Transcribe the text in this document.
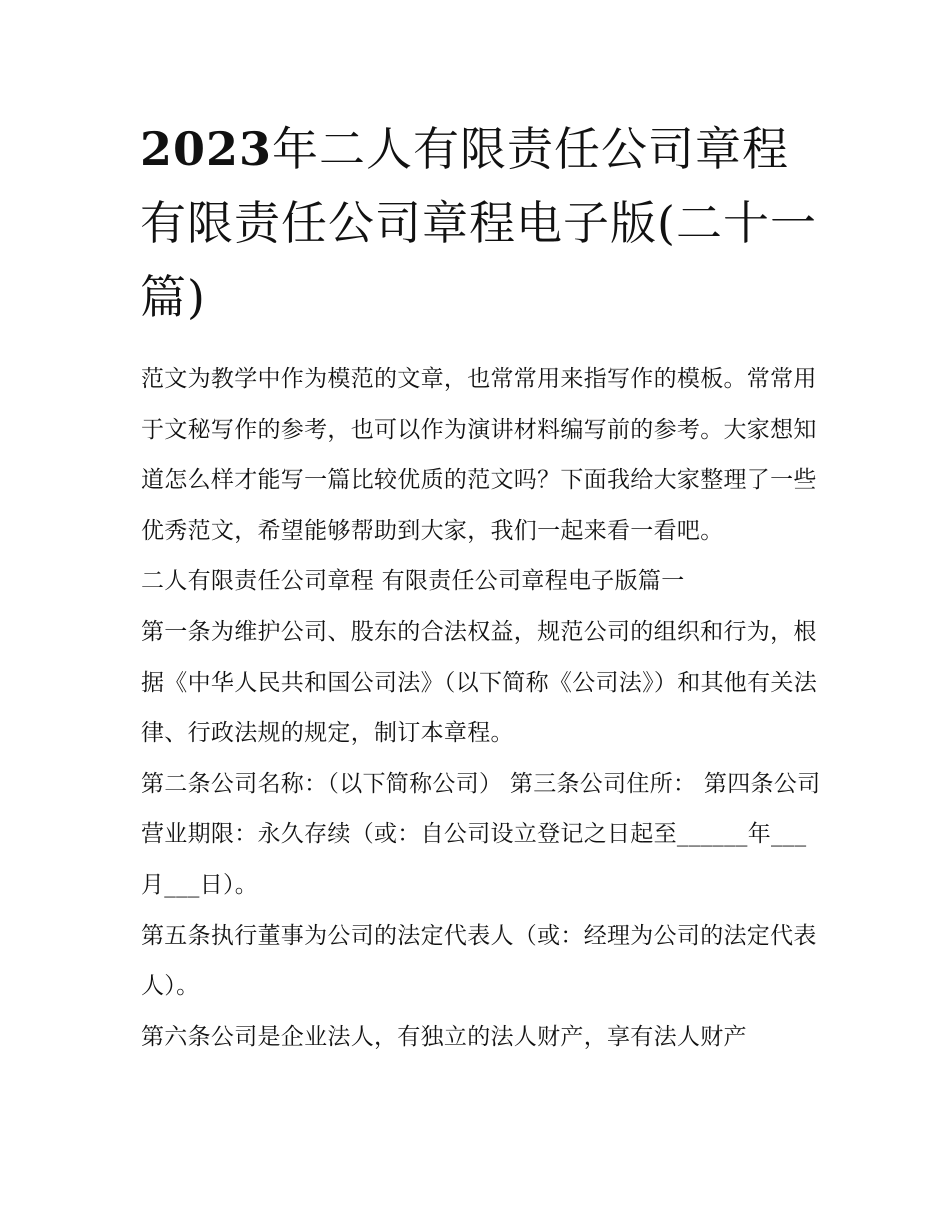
2023年二人有限责任公司章程 有限责任公司章程电子版(二十一篇)

范文为教学中作为模范的文章，也常常用来指写作的模板。常常用于文秘写作的参考，也可以作为演讲材料编写前的参考。大家想知道怎么样才能写一篇比较优质的范文吗？下面我给大家整理了一些优秀范文，希望能够帮助到大家，我们一起来看一看吧。

二人有限责任公司章程 有限责任公司章程电子版篇一

第一条为维护公司、股东的合法权益，规范公司的组织和行为，根据《中华人民共和国公司法》（以下简称《公司法》）和其他有关法律、行政法规的规定，制订本章程。

第二条公司名称：（以下简称公司） 第三条公司住所： 第四条公司营业期限：永久存续（或：自公司设立登记之日起至______年___月___日）。

第五条执行董事为公司的法定代表人（或：经理为公司的法定代表人）。

第六条公司是企业法人，有独立的法人财产，享有法人财产
